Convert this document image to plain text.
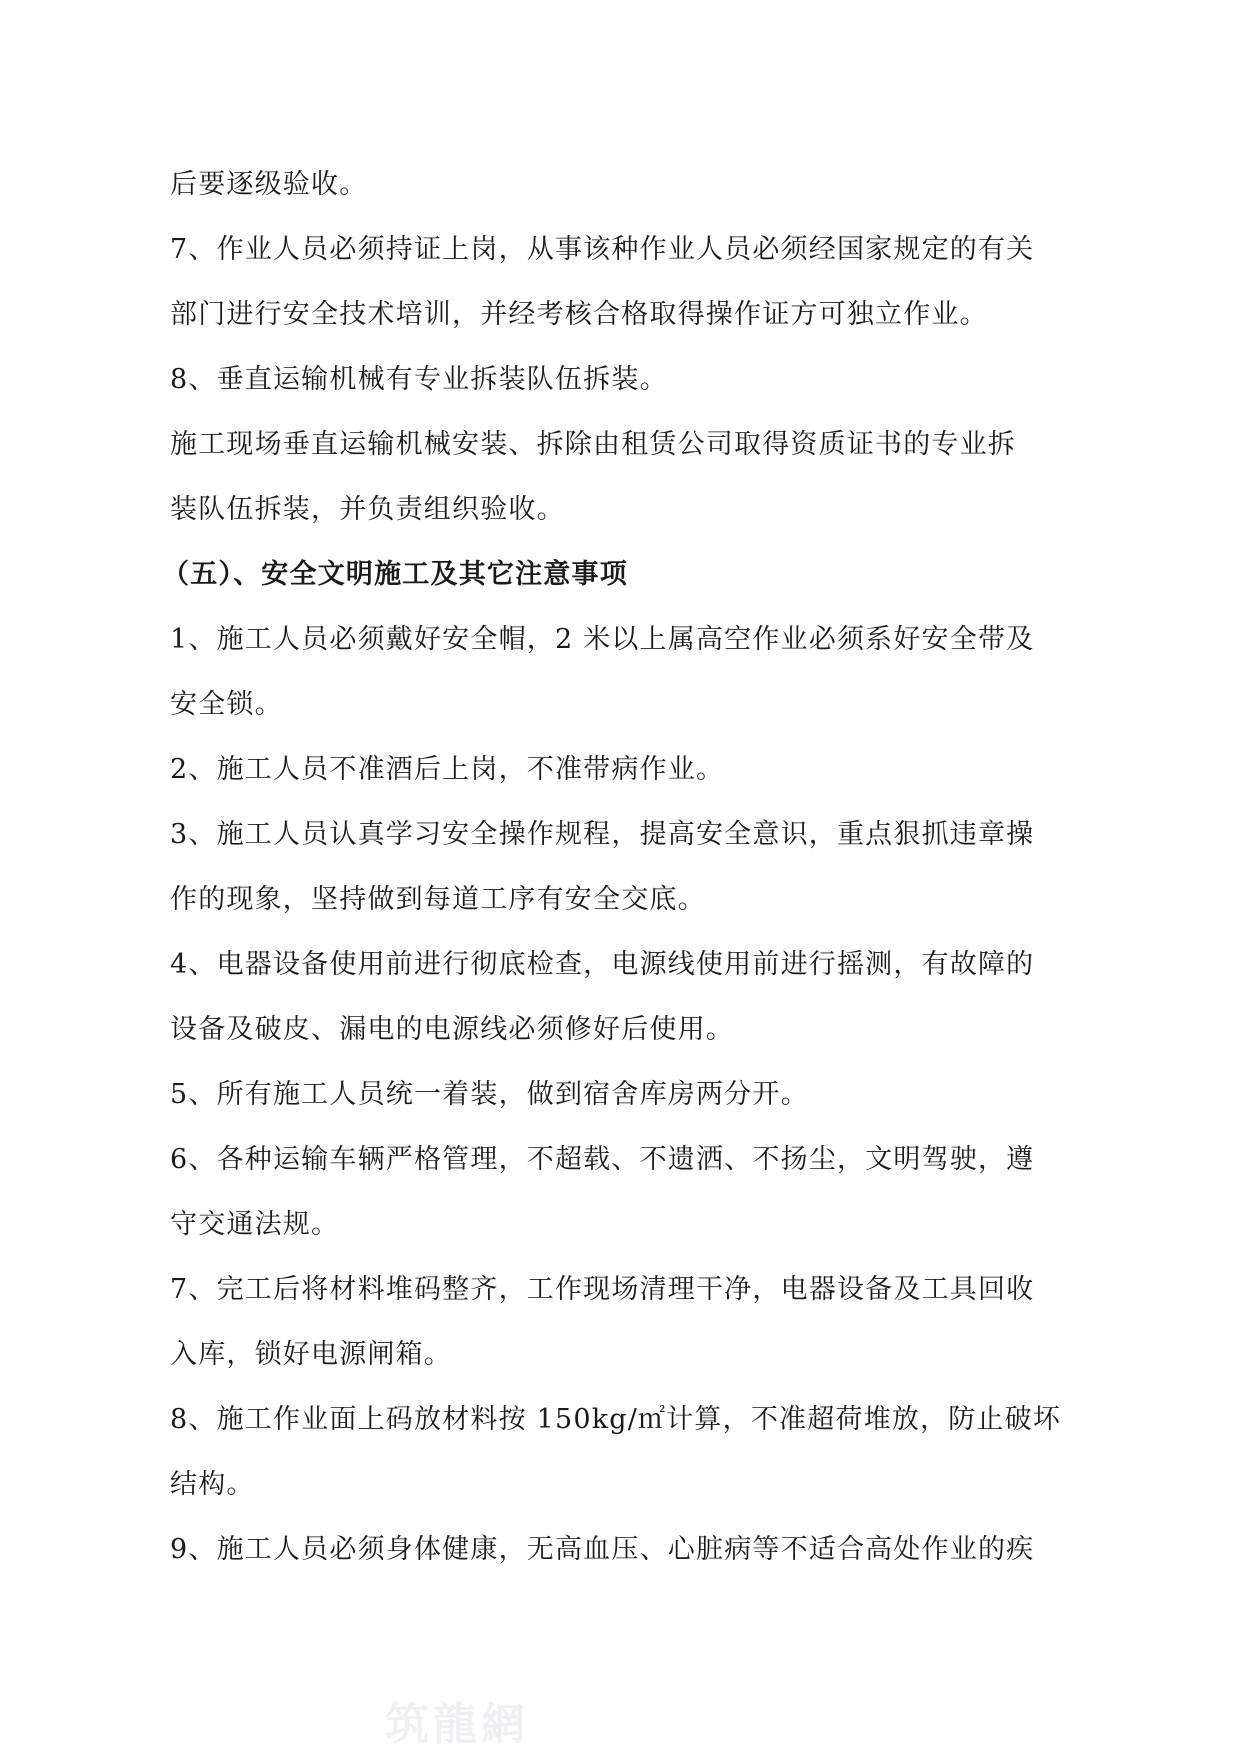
后要逐级验收。
7、作业人员必须持证上岗，从事该种作业人员必须经国家规定的有关
部门进行安全技术培训，并经考核合格取得操作证方可独立作业。
8、垂直运输机械有专业拆装队伍拆装。
施工现场垂直运输机械安装、拆除由租赁公司取得资质证书的专业拆
装队伍拆装，并负责组织验收。
（五）、安全文明施工及其它注意事项
1、施工人员必须戴好安全帽，2 米以上属高空作业必须系好安全带及
安全锁。
2、施工人员不准酒后上岗，不准带病作业。
3、施工人员认真学习安全操作规程，提高安全意识，重点狠抓违章操
作的现象，坚持做到每道工序有安全交底。
4、电器设备使用前进行彻底检查，电源线使用前进行摇测，有故障的
设备及破皮、漏电的电源线必须修好后使用。
5、所有施工人员统一着装，做到宿舍库房两分开。
6、各种运输车辆严格管理，不超载、不遗洒、不扬尘，文明驾驶，遵
守交通法规。
7、完工后将材料堆码整齐，工作现场清理干净，电器设备及工具回收
入库，锁好电源闸箱。
8、施工作业面上码放材料按 150kg/㎡计算，不准超荷堆放，防止破坏
结构。
9、施工人员必须身体健康，无高血压、心脏病等不适合高处作业的疾
筑龍網
